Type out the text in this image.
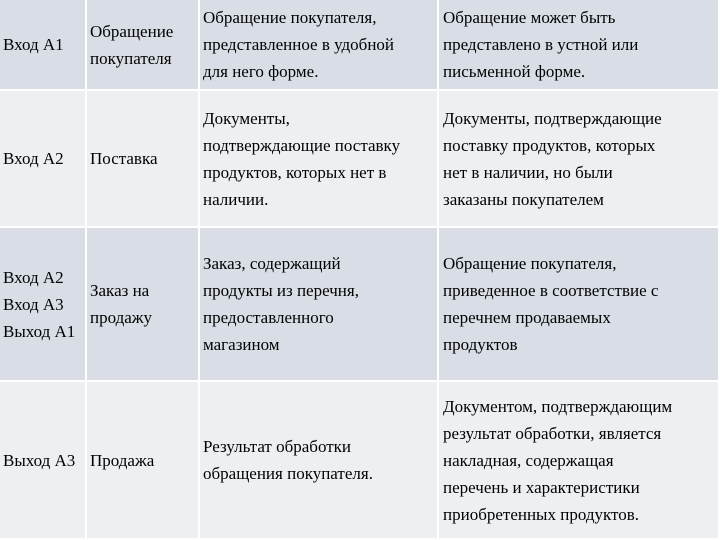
Вход А1
Обращение
покупателя
Обращение покупателя,
представленное в удобной
для него форме.
Обращение может быть
представлено в устной или
письменной форме.
Вход А2	Поставка
Документы,
подтверждающие поставку
продуктов, которых нет в
наличии.
Документы, подтверждающие
поставку продуктов, которых
нет в наличии, но были
заказаны покупателем
Вход А2
Вход А3
Выход А1
Заказ на
продажу
Заказ, содержащий
продукты из перечня,
предоставленного
магазином
Обращение покупателя,
приведенное в соответствие с
перечнем продаваемых
продуктов
Выход А3 Продажа
Результат обработки
обращения покупателя.
Документом, подтверждающим
результат обработки, является
накладная, содержащая
перечень и характеристики
приобретенных продуктов.
